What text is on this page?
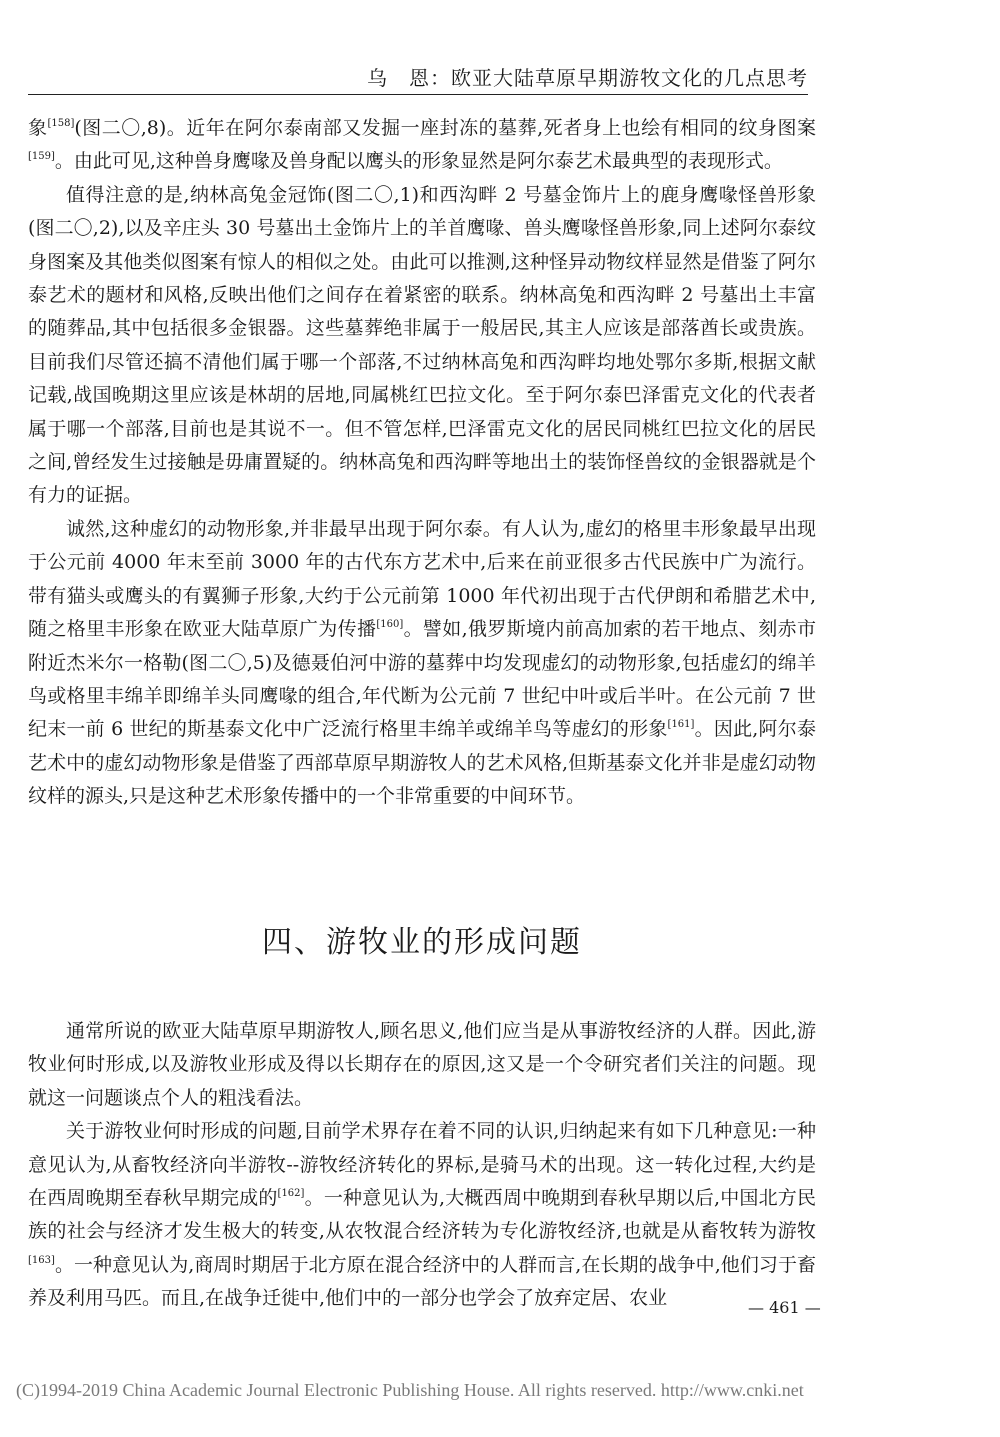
乌　恩：欧亚大陆草原早期游牧文化的几点思考

象[158](图二〇,8)。近年在阿尔泰南部又发掘一座封冻的墓葬,死者身上也绘有相同的纹身图案[159]。由此可见,这种兽身鹰喙及兽身配以鹰头的形象显然是阿尔泰艺术最典型的表现形式。

值得注意的是,纳林高兔金冠饰(图二〇,1)和西沟畔 2 号墓金饰片上的鹿身鹰喙怪兽形象(图二〇,2),以及辛庄头 30 号墓出土金饰片上的羊首鹰喙、兽头鹰喙怪兽形象,同上述阿尔泰纹身图案及其他类似图案有惊人的相似之处。由此可以推测,这种怪异动物纹样显然是借鉴了阿尔泰艺术的题材和风格,反映出他们之间存在着紧密的联系。纳林高兔和西沟畔 2 号墓出土丰富的随葬品,其中包括很多金银器。这些墓葬绝非属于一般居民,其主人应该是部落酋长或贵族。目前我们尽管还搞不清他们属于哪一个部落,不过纳林高兔和西沟畔均地处鄂尔多斯,根据文献记载,战国晚期这里应该是林胡的居地,同属桃红巴拉文化。至于阿尔泰巴泽雷克文化的代表者属于哪一个部落,目前也是其说不一。但不管怎样,巴泽雷克文化的居民同桃红巴拉文化的居民之间,曾经发生过接触是毋庸置疑的。纳林高兔和西沟畔等地出土的装饰怪兽纹的金银器就是个有力的证据。

诚然,这种虚幻的动物形象,并非最早出现于阿尔泰。有人认为,虚幻的格里丰形象最早出现于公元前 4000 年末至前 3000 年的古代东方艺术中,后来在前亚很多古代民族中广为流行。带有猫头或鹰头的有翼狮子形象,大约于公元前第 1000 年代初出现于古代伊朗和希腊艺术中,随之格里丰形象在欧亚大陆草原广为传播[160]。譬如,俄罗斯境内前高加索的若干地点、刻赤市附近杰米尔一格勒(图二〇,5)及德聂伯河中游的墓葬中均发现虚幻的动物形象,包括虚幻的绵羊鸟或格里丰绵羊即绵羊头同鹰喙的组合,年代断为公元前 7 世纪中叶或后半叶。在公元前 7 世纪末一前 6 世纪的斯基泰文化中广泛流行格里丰绵羊或绵羊鸟等虚幻的形象[161]。因此,阿尔泰艺术中的虚幻动物形象是借鉴了西部草原早期游牧人的艺术风格,但斯基泰文化并非是虚幻动物纹样的源头,只是这种艺术形象传播中的一个非常重要的中间环节。

四、游牧业的形成问题

通常所说的欧亚大陆草原早期游牧人,顾名思义,他们应当是从事游牧经济的人群。因此,游牧业何时形成,以及游牧业形成及得以长期存在的原因,这又是一个令研究者们关注的问题。现就这一问题谈点个人的粗浅看法。

关于游牧业何时形成的问题,目前学术界存在着不同的认识,归纳起来有如下几种意见:一种意见认为,从畜牧经济向半游牧--游牧经济转化的界标,是骑马术的出现。这一转化过程,大约是在西周晚期至春秋早期完成的[162]。一种意见认为,大概西周中晚期到春秋早期以后,中国北方民族的社会与经济才发生极大的转变,从农牧混合经济转为专化游牧经济,也就是从畜牧转为游牧[163]。一种意见认为,商周时期居于北方原在混合经济中的人群而言,在长期的战争中,他们习于畜养及利用马匹。而且,在战争迁徙中,他们中的一部分也学会了放弃定居、农业	— 461 —
(C)1994-2019 China Academic Journal Electronic Publishing House. All rights reserved. http://www.cnki.net
